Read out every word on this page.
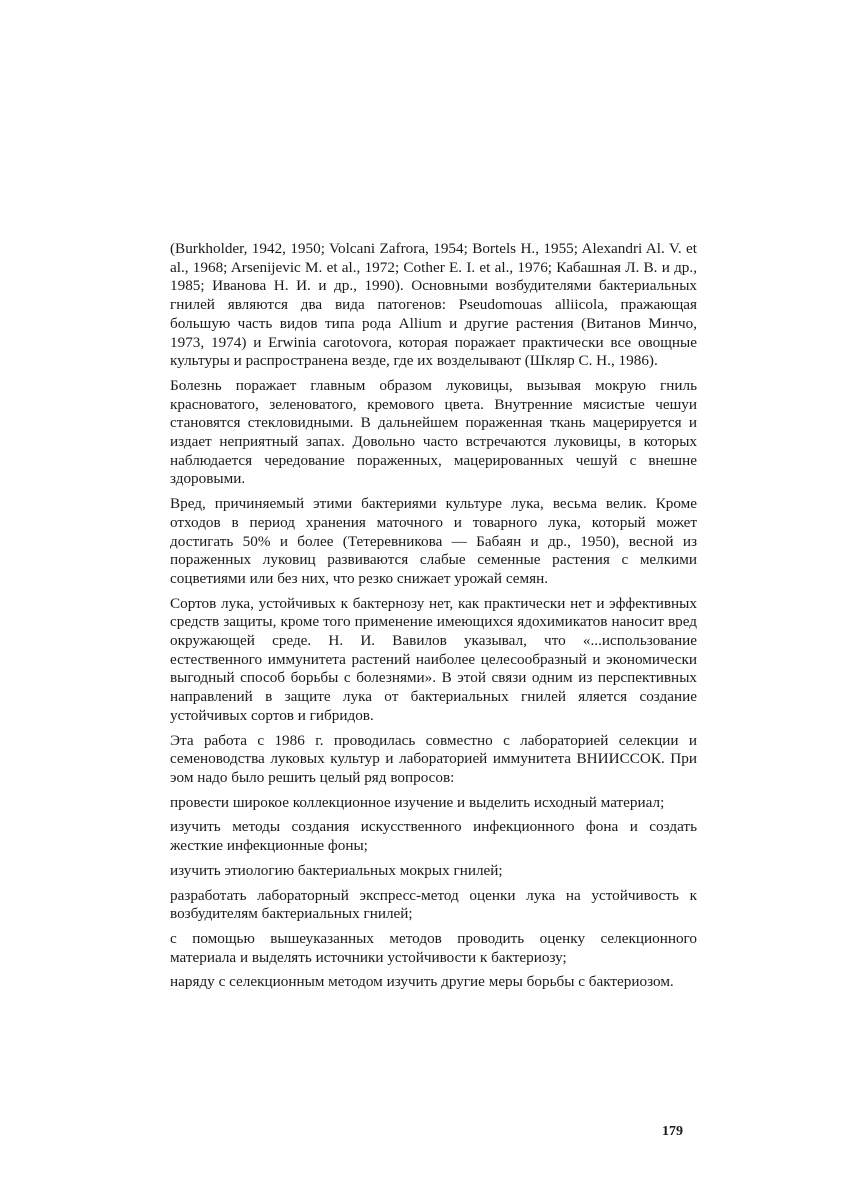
(Burkholder, 1942, 1950; Volcani Zafrora, 1954; Bortels H., 1955; Alexandri Al. V. et al., 1968; Arsenijevic M. et al., 1972; Cother E. I. et al., 1976; Кабашная Л. В. и др., 1985; Иванова Н. И. и др., 1990). Основными возбудителями бактериальных гнилей являются два вида патогенов: Pseudomouas alliicola, пражающая большую часть видов типа рода Allium и другие растения (Витанов Минчо, 1973, 1974) и Erwinia carotovora, которая поражает практически все овощные культуры и распространена везде, где их возделывают (Шкляр С. Н., 1986).

Болезнь поражает главным образом луковицы, вызывая мокрую гниль красноватого, зеленоватого, кремового цвета. Внутренние мясистые чешуи становятся стекловидными. В дальнейшем пораженная ткань мацерируется и издает неприятный запах. Довольно часто встречаются луковицы, в которых наблюдается чередование пораженных, мацерированных чешуй с внешне здоровыми.

Вред, причиняемый этими бактериями культуре лука, весьма велик. Кроме отходов в период хранения маточного и товарного лука, который может достигать 50% и более (Тетеревникова — Бабаян и др., 1950), весной из пораженных луковиц развиваются слабые семенные растения с мелкими соцветиями или без них, что резко снижает урожай семян.

Сортов лука, устойчивых к бактернозу нет, как практически нет и эффективных средств защиты, кроме того применение имеющихся ядохимикатов наносит вред окружающей среде. Н. И. Вавилов указывал, что «...использование естественного иммунитета растений наиболее целесообразный и экономически выгодный способ борьбы с болезнями». В этой связи одним из перспективных направлений в защите лука от бактериальных гнилей яляется создание устойчивых сортов и гибридов.

Эта работа с 1986 г. проводилась совместно с лабораторией селекции и семеноводства луковых культур и лабораторией иммунитета ВНИИССОК. При эом надо было решить целый ряд вопросов:

провести широкое коллекционное изучение и выделить исходный материал;

изучить методы создания искусственного инфекционного фона и создать жесткие инфекционные фоны;

изучить этиологию бактериальных мокрых гнилей;

разработать лабораторный экспресс-метод оценки лука на устойчивость к возбудителям бактериальных гнилей;

с помощью вышеуказанных методов проводить оценку селекционного материала и выделять источники устойчивости к бактериозу;

наряду с селекционным методом изучить другие меры борьбы с бактериозом.

179
